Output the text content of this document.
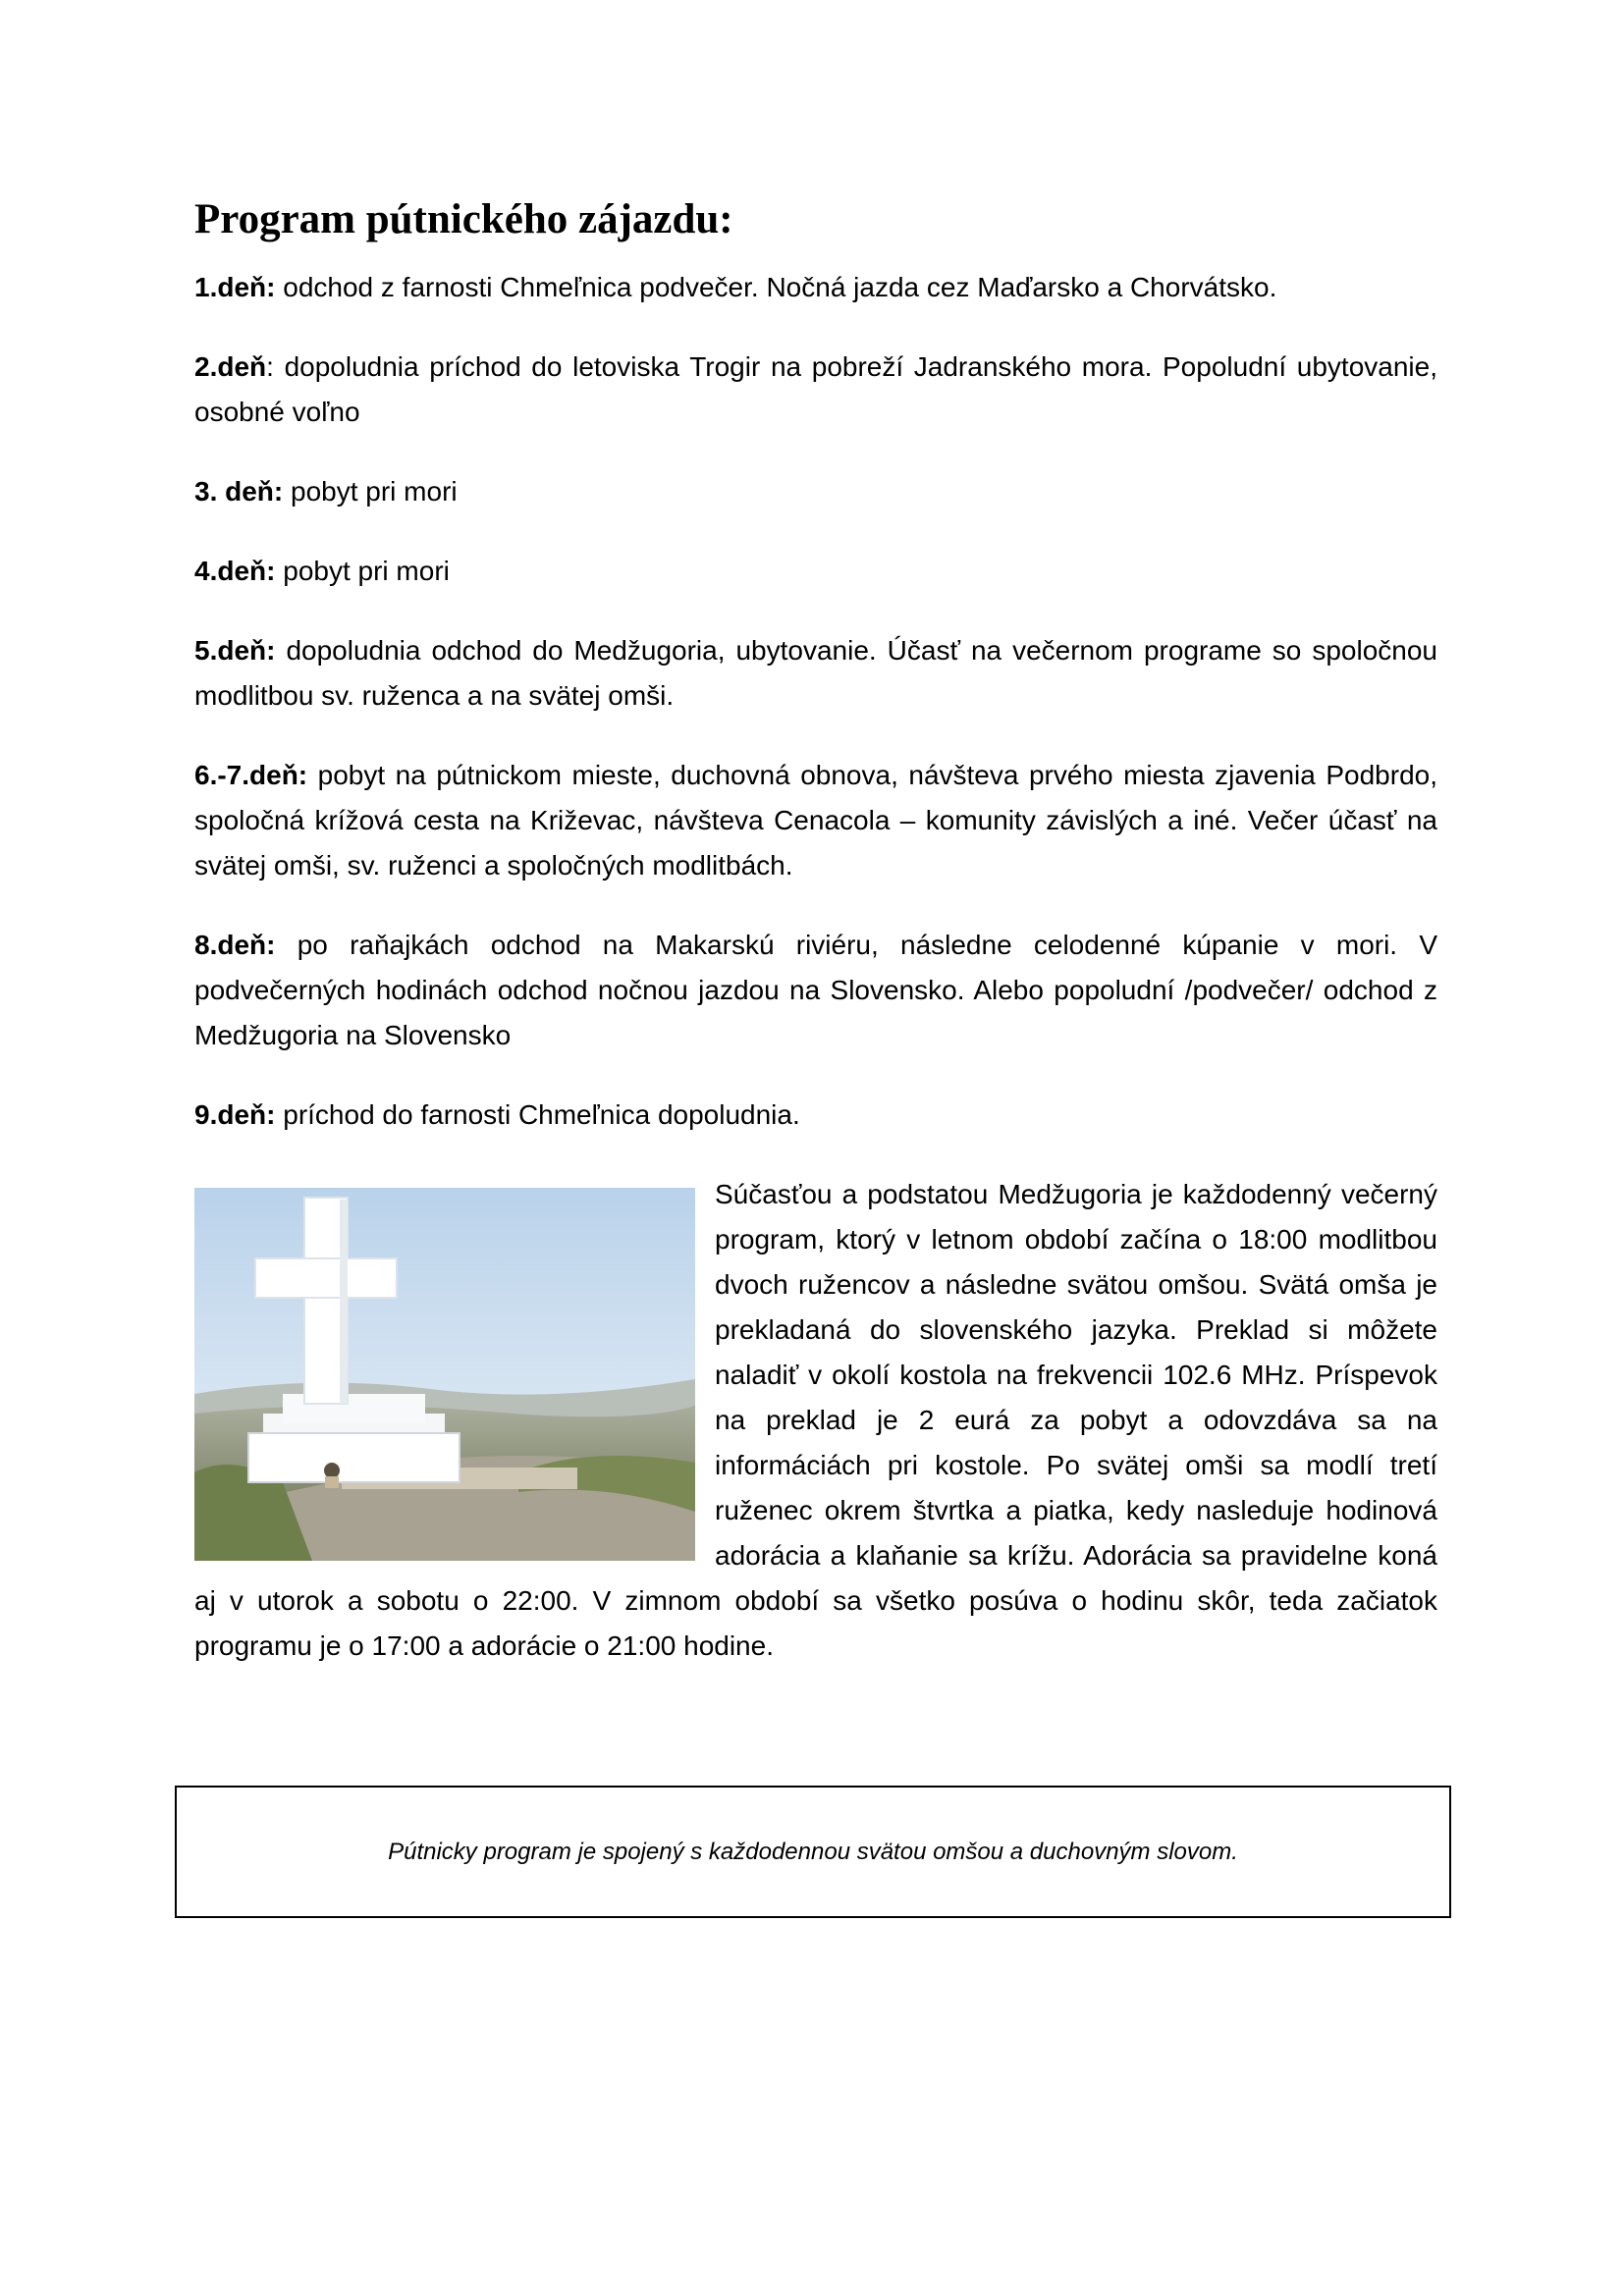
Program pútnického zájazdu:

1.deň: odchod z farnosti Chmeľnica podvečer. Nočná jazda cez Maďarsko a Chorvátsko.

2.deň: dopoludnia príchod do letoviska Trogir na pobreží Jadranského mora. Popoludní ubytovanie, osobné voľno

3. deň: pobyt pri mori

4.deň: pobyt pri mori

5.deň: dopoludnia odchod do Medžugoria, ubytovanie. Účasť na večernom programe so spoločnou modlitbou sv. ruženca a na svätej omši.

6.-7.deň: pobyt na pútnickom mieste, duchovná obnova, návšteva prvého miesta zjavenia Podbrdo, spoločná krížová cesta na Križevac, návšteva Cenacola – komunity závislých a iné. Večer účasť na svätej omši, sv. ruženci a spoločných modlitbách.

8.deň: po raňajkách odchod na Makarskú riviéru, následne celodenné kúpanie v mori. V podvečerných hodinách odchod nočnou jazdou na Slovensko. Alebo popoludní /podvečer/ odchod z Medžugoria na Slovensko

9.deň: príchod do farnosti Chmeľnica dopoludnia.

Súčasťou a podstatou Medžugoria je každodenný večerný program, ktorý v letnom období začína o 18:00 modlitbou dvoch ružencov a následne svätou omšou. Svätá omša je prekladaná do slovenského jazyka. Preklad si môžete naladiť v okolí kostola na frekvencii 102.6 MHz. Príspevok na preklad je 2 eurá za pobyt a odovzdáva sa na informáciách pri kostole. Po svätej omši sa modlí tretí ruženec okrem štvrtka a piatka, kedy nasleduje hodinová adorácia a klaňanie sa krížu. Adorácia sa pravidelne koná aj v utorok a sobotu o 22:00. V zimnom období sa všetko posúva o hodinu skôr, teda začiatok programu je o 17:00 a adorácie o 21:00 hodine.
Pútnicky program je spojený s každodennou svätou omšou a duchovným slovom.
